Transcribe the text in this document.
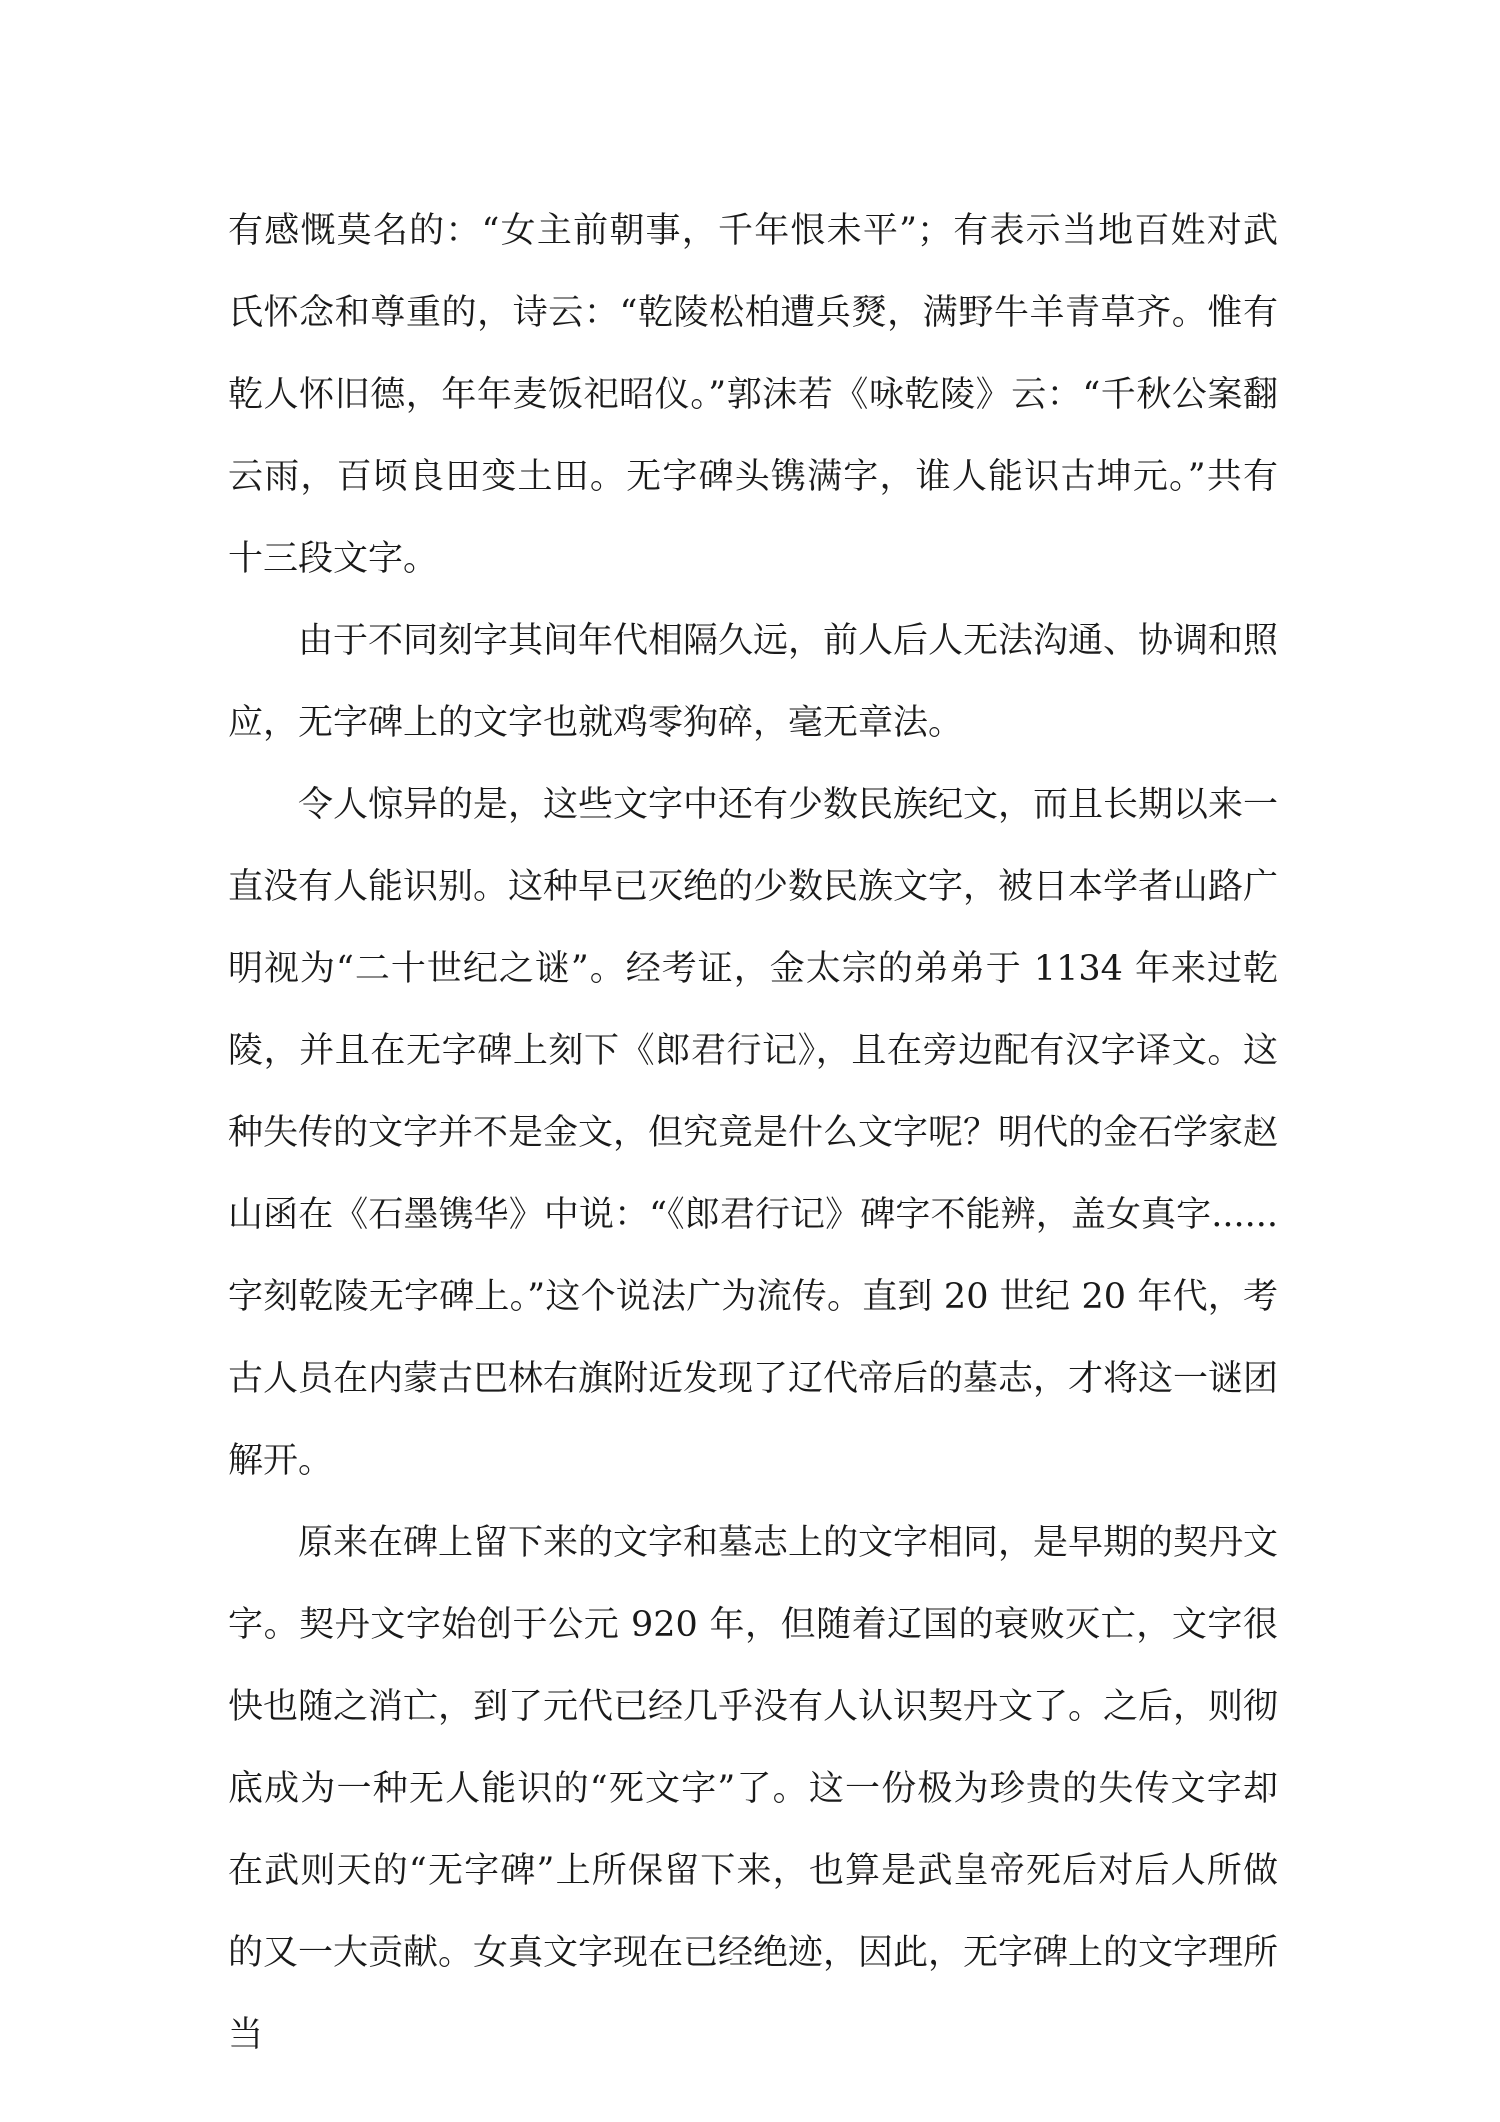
有感慨莫名的：“女主前朝事，千年恨未平”；有表示当地百姓对武氏怀念和尊重的，诗云：“乾陵松柏遭兵燹，满野牛羊青草齐。惟有乾人怀旧德，年年麦饭祀昭仪。”郭沫若《咏乾陵》云：“千秋公案翻云雨，百顷良田变土田。无字碑头镌满字，谁人能识古坤元。”共有十三段文字。

由于不同刻字其间年代相隔久远，前人后人无法沟通、协调和照应，无字碑上的文字也就鸡零狗碎，毫无章法。

令人惊异的是，这些文字中还有少数民族纪文，而且长期以来一直没有人能识别。这种早已灭绝的少数民族文字，被日本学者山路广明视为“二十世纪之谜”。经考证，金太宗的弟弟于 1134 年来过乾陵，并且在无字碑上刻下《郎君行记》，且在旁边配有汉字译文。这种失传的文字并不是金文，但究竟是什么文字呢？明代的金石学家赵山函在《石墨镌华》中说：“《郎君行记》碑字不能辨，盖女真字......字刻乾陵无字碑上。”这个说法广为流传。直到 20 世纪 20 年代，考古人员在内蒙古巴林右旗附近发现了辽代帝后的墓志，才将这一谜团解开。

原来在碑上留下来的文字和墓志上的文字相同，是早期的契丹文字。契丹文字始创于公元 920 年，但随着辽国的衰败灭亡，文字很快也随之消亡，到了元代已经几乎没有人认识契丹文了。之后，则彻底成为一种无人能识的“死文字”了。这一份极为珍贵的失传文字却在武则天的“无字碑”上所保留下来，也算是武皇帝死后对后人所做的又一大贡献。女真文字现在已经绝迹，因此，无字碑上的文字理所当
